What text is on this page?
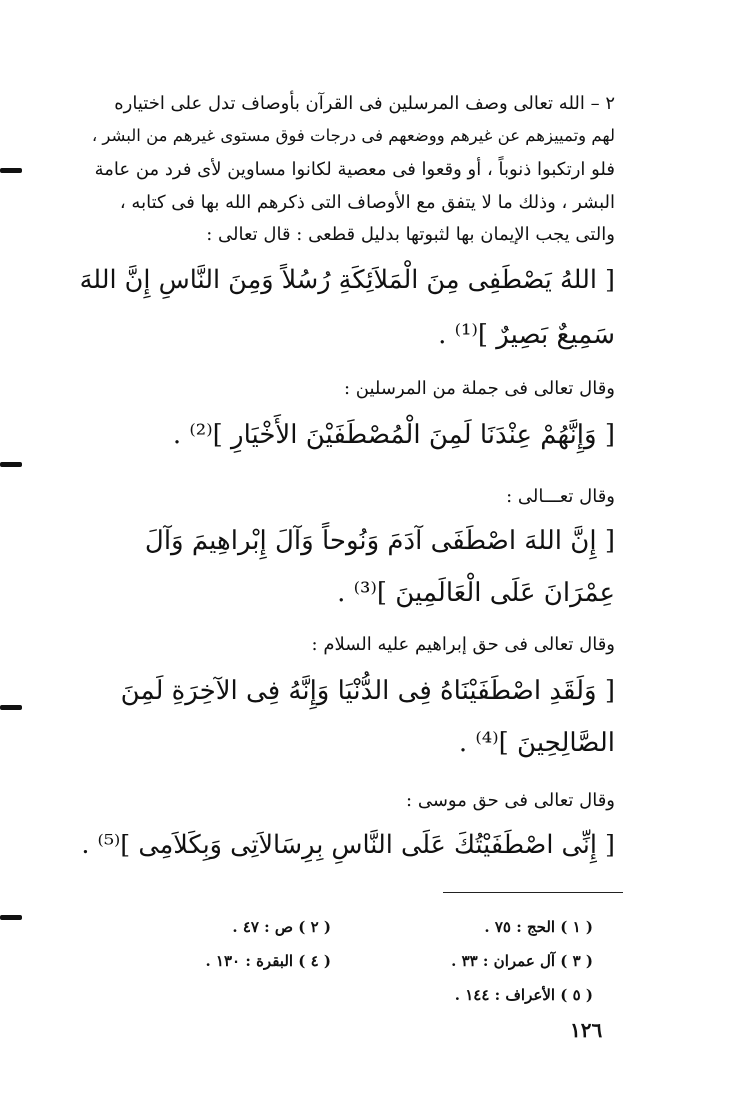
٢ – الله تعالى وصف المرسلين فى القرآن بأوصاف تدل على اختياره
لهم وتمييزهم عن غيرهم ووضعهم فى درجات فوق مستوى غيرهم من البشر ،
فلو ارتكبوا ذنوباً ، أو وقعوا فى معصية لكانوا مساوين لأى فرد من عامة
البشر ، وذلك ما لا يتفق مع الأوصاف التى ذكرهم الله بها فى كتابه ،
والتى يجب الإيمان بها لثبوتها بدليل قطعى : قال تعالى :
[ اللهُ يَصْطَفِى مِنَ الْمَلاَئِكَةِ رُسُلاً وَمِنَ النَّاسِ إِنَّ اللهَ
سَمِيعٌ بَصِيرٌ ]⁽¹⁾ .
وقال تعالى فى جملة من المرسلين :
[ وَإِنَّهُمْ عِنْدَنَا لَمِنَ الْمُصْطَفَيْنَ الأَخْيَارِ ]⁽²⁾ .
وقال تعـــالى :
[ إِنَّ اللهَ اصْطَفَى آدَمَ وَنُوحاً وَآلَ إِبْراهِيمَ وَآلَ
عِمْرَانَ عَلَى الْعَالَمِينَ ]⁽³⁾ .
وقال تعالى فى حق إبراهيم عليه السلام :
[ وَلَقَدِ اصْطَفَيْنَاهُ فِى الدُّنْيَا وَإِنَّهُ فِى الآخِرَةِ لَمِنَ
الصَّالِحِينَ ]⁽⁴⁾ .
وقال تعالى فى حق موسى :
[ إِنِّى اصْطَفَيْتُكَ عَلَى النَّاسِ بِرِسَالاَتِى وَبِكَلاَمِى ]⁽⁵⁾ .
( ١ ) الحج : ٧٥ .
( ٢ ) ص : ٤٧ .
( ٣ ) آل عمران : ٣٣ .
( ٤ ) البقرة : ١٣٠ .
( ٥ ) الأعراف : ١٤٤ .
١٢٦
